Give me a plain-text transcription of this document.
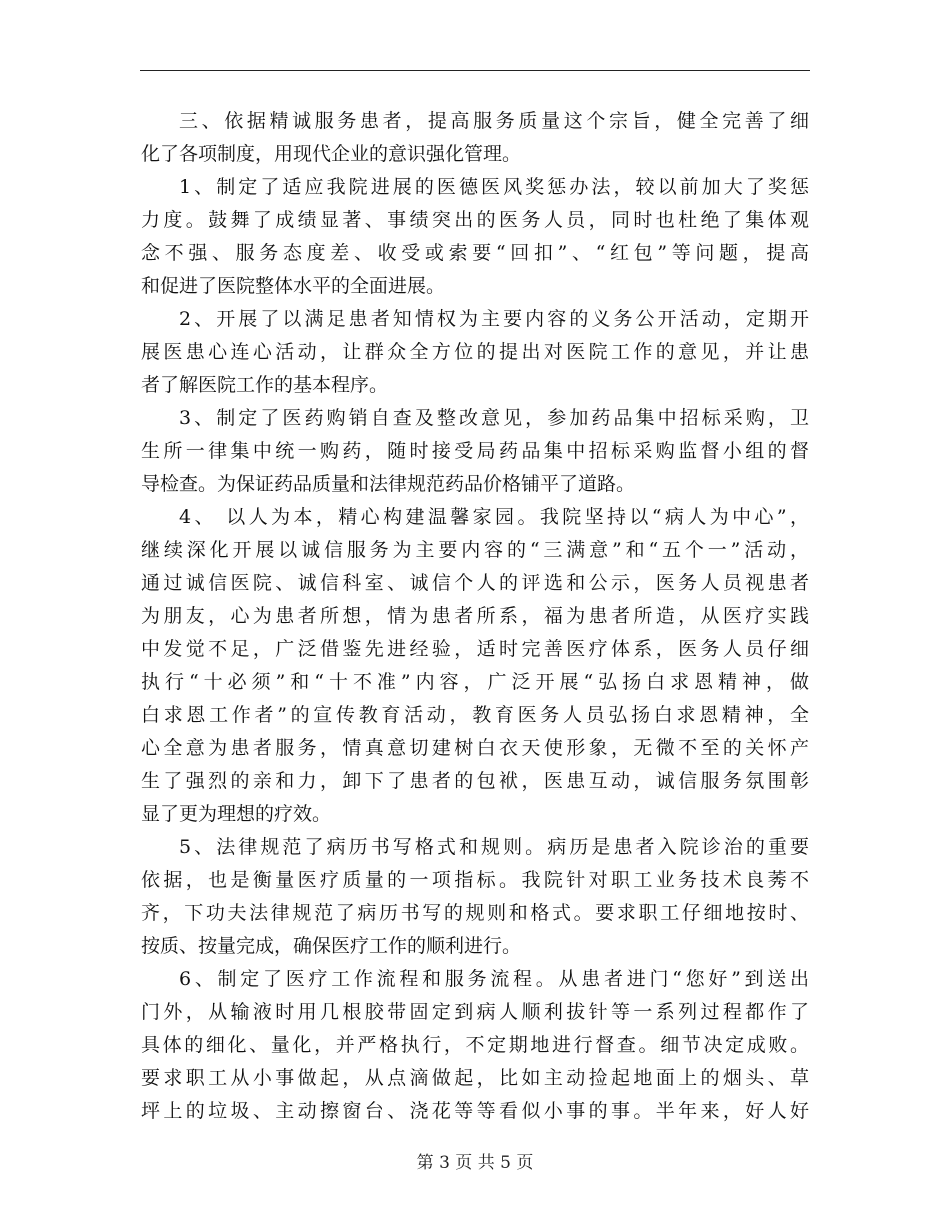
三、依据精诚服务患者，提高服务质量这个宗旨，健全完善了细
化了各项制度，用现代企业的意识强化管理。
1、制定了适应我院进展的医德医风奖惩办法，较以前加大了奖惩
力度。鼓舞了成绩显著、事绩突出的医务人员，同时也杜绝了集体观
念不强、服务态度差、收受或索要“回扣”、“红包”等问题，提高
和促进了医院整体水平的全面进展。
2、开展了以满足患者知情权为主要内容的义务公开活动，定期开
展医患心连心活动，让群众全方位的提出对医院工作的意见，并让患
者了解医院工作的基本程序。
3、制定了医药购销自查及整改意见，参加药品集中招标采购，卫
生所一律集中统一购药，随时接受局药品集中招标采购监督小组的督
导检查。为保证药品质量和法律规范药品价格铺平了道路。
4、 以人为本，精心构建温馨家园。我院坚持以“病人为中心”，
继续深化开展以诚信服务为主要内容的“三满意”和“五个一”活动，
通过诚信医院、诚信科室、诚信个人的评选和公示，医务人员视患者
为朋友，心为患者所想，情为患者所系，福为患者所造，从医疗实践
中发觉不足，广泛借鉴先进经验，适时完善医疗体系，医务人员仔细
执行“十必须”和“十不准”内容，广泛开展“弘扬白求恩精神，做
白求恩工作者”的宣传教育活动，教育医务人员弘扬白求恩精神，全
心全意为患者服务，情真意切建树白衣天使形象，无微不至的关怀产
生了强烈的亲和力，卸下了患者的包袱，医患互动，诚信服务氛围彰
显了更为理想的疗效。
5、法律规范了病历书写格式和规则。病历是患者入院诊治的重要
依据，也是衡量医疗质量的一项指标。我院针对职工业务技术良莠不
齐，下功夫法律规范了病历书写的规则和格式。要求职工仔细地按时、
按质、按量完成，确保医疗工作的顺利进行。
6、制定了医疗工作流程和服务流程。从患者进门“您好”到送出
门外，从输液时用几根胶带固定到病人顺利拔针等一系列过程都作了
具体的细化、量化，并严格执行，不定期地进行督查。细节决定成败。
要求职工从小事做起，从点滴做起，比如主动捡起地面上的烟头、草
坪上的垃圾、主动擦窗台、浇花等等看似小事的事。半年来，好人好
第 3 页 共 5 页
